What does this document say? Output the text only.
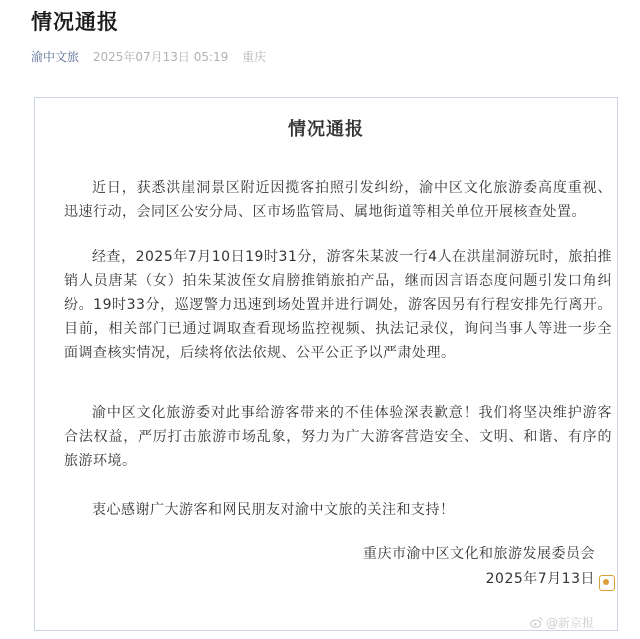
情况通报
渝中文旅 2025年07月13日 05:19 重庆
情况通报

近日，获悉洪崖洞景区附近因揽客拍照引发纠纷，渝中区文化旅游委高度重视、迅速行动，会同区公安分局、区市场监管局、属地街道等相关单位开展核查处置。

经查，2025年7月10日19时31分，游客朱某波一行4人在洪崖洞游玩时，旅拍推销人员唐某（女）拍朱某波侄女肩膀推销旅拍产品，继而因言语态度问题引发口角纠纷。19时33分，巡逻警力迅速到场处置并进行调处，游客因另有行程安排先行离开。目前，相关部门已通过调取查看现场监控视频、执法记录仪，询问当事人等进一步全面调查核实情况，后续将依法依规、公平公正予以严肃处理。

渝中区文化旅游委对此事给游客带来的不佳体验深表歉意！我们将坚决维护游客合法权益，严厉打击旅游市场乱象，努力为广大游客营造安全、文明、和谐、有序的旅游环境。

衷心感谢广大游客和网民朋友对渝中文旅的关注和支持！

重庆市渝中区文化和旅游发展委员会
2025年7月13日
@新京报
